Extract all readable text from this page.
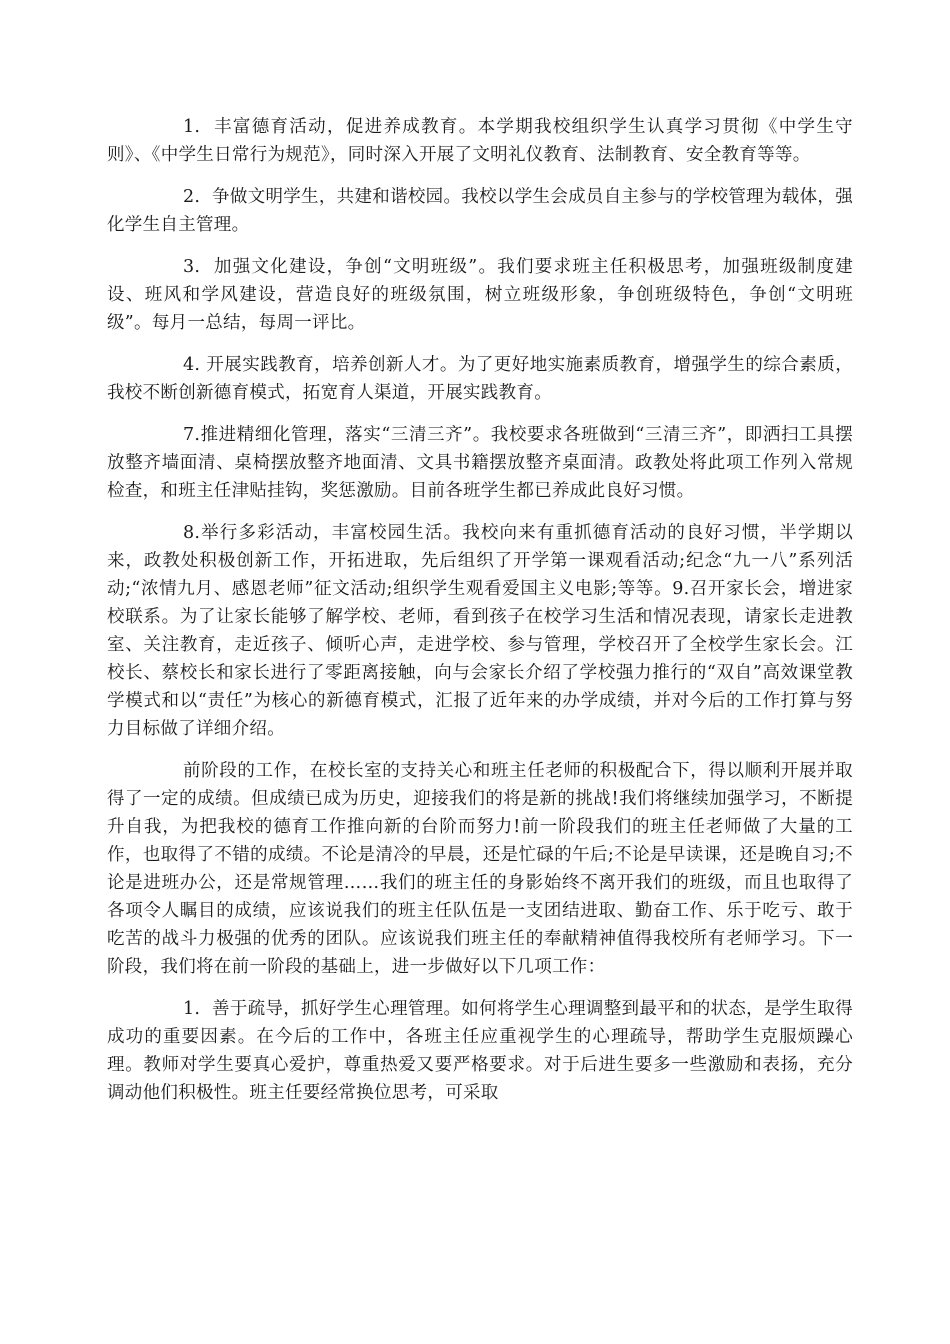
1.  丰富德育活动，促进养成教育。本学期我校组织学生认真学习贯彻《中学生守则》、《中学生日常行为规范》，同时深入开展了文明礼仪教育、法制教育、安全教育等等。

2.  争做文明学生，共建和谐校园。我校以学生会成员自主参与的学校管理为载体，强化学生自主管理。

3.  加强文化建设，争创“文明班级”。我们要求班主任积极思考，加强班级制度建设、班风和学风建设，营造良好的班级氛围，树立班级形象，争创班级特色，争创“文明班级”。每月一总结，每周一评比。

4. 开展实践教育，培养创新人才。为了更好地实施素质教育，增强学生的综合素质，我校不断创新德育模式，拓宽育人渠道，开展实践教育。

7.推进精细化管理，落实“三清三齐”。我校要求各班做到“三清三齐”，即洒扫工具摆放整齐墙面清、桌椅摆放整齐地面清、文具书籍摆放整齐桌面清。政教处将此项工作列入常规检查，和班主任津贴挂钩，奖惩激励。目前各班学生都已养成此良好习惯。

8.举行多彩活动，丰富校园生活。我校向来有重抓德育活动的良好习惯，半学期以来，政教处积极创新工作，开拓进取，先后组织了开学第一课观看活动;纪念“九一八”系列活动;“浓情九月、感恩老师”征文活动;组织学生观看爱国主义电影;等等。9.召开家长会，增进家校联系。为了让家长能够了解学校、老师，看到孩子在校学习生活和情况表现，请家长走进教室、关注教育，走近孩子、倾听心声，走进学校、参与管理，学校召开了全校学生家长会。江校长、蔡校长和家长进行了零距离接触，向与会家长介绍了学校强力推行的“双自”高效课堂教学模式和以“责任”为核心的新德育模式，汇报了近年来的办学成绩，并对今后的工作打算与努力目标做了详细介绍。

前阶段的工作，在校长室的支持关心和班主任老师的积极配合下，得以顺利开展并取得了一定的成绩。但成绩已成为历史，迎接我们的将是新的挑战!我们将继续加强学习，不断提升自我，为把我校的德育工作推向新的台阶而努力!前一阶段我们的班主任老师做了大量的工作，也取得了不错的成绩。不论是清冷的早晨，还是忙碌的午后;不论是早读课，还是晚自习;不论是进班办公，还是常规管理……我们的班主任的身影始终不离开我们的班级，而且也取得了各项令人瞩目的成绩，应该说我们的班主任队伍是一支团结进取、勤奋工作、乐于吃亏、敢于吃苦的战斗力极强的优秀的团队。应该说我们班主任的奉献精神值得我校所有老师学习。下一阶段，我们将在前一阶段的基础上，进一步做好以下几项工作：

1.  善于疏导，抓好学生心理管理。如何将学生心理调整到最平和的状态，是学生取得成功的重要因素。在今后的工作中，各班主任应重视学生的心理疏导，帮助学生克服烦躁心理。教师对学生要真心爱护，尊重热爱又要严格要求。对于后进生要多一些激励和表扬，充分调动他们积极性。班主任要经常换位思考，可采取
